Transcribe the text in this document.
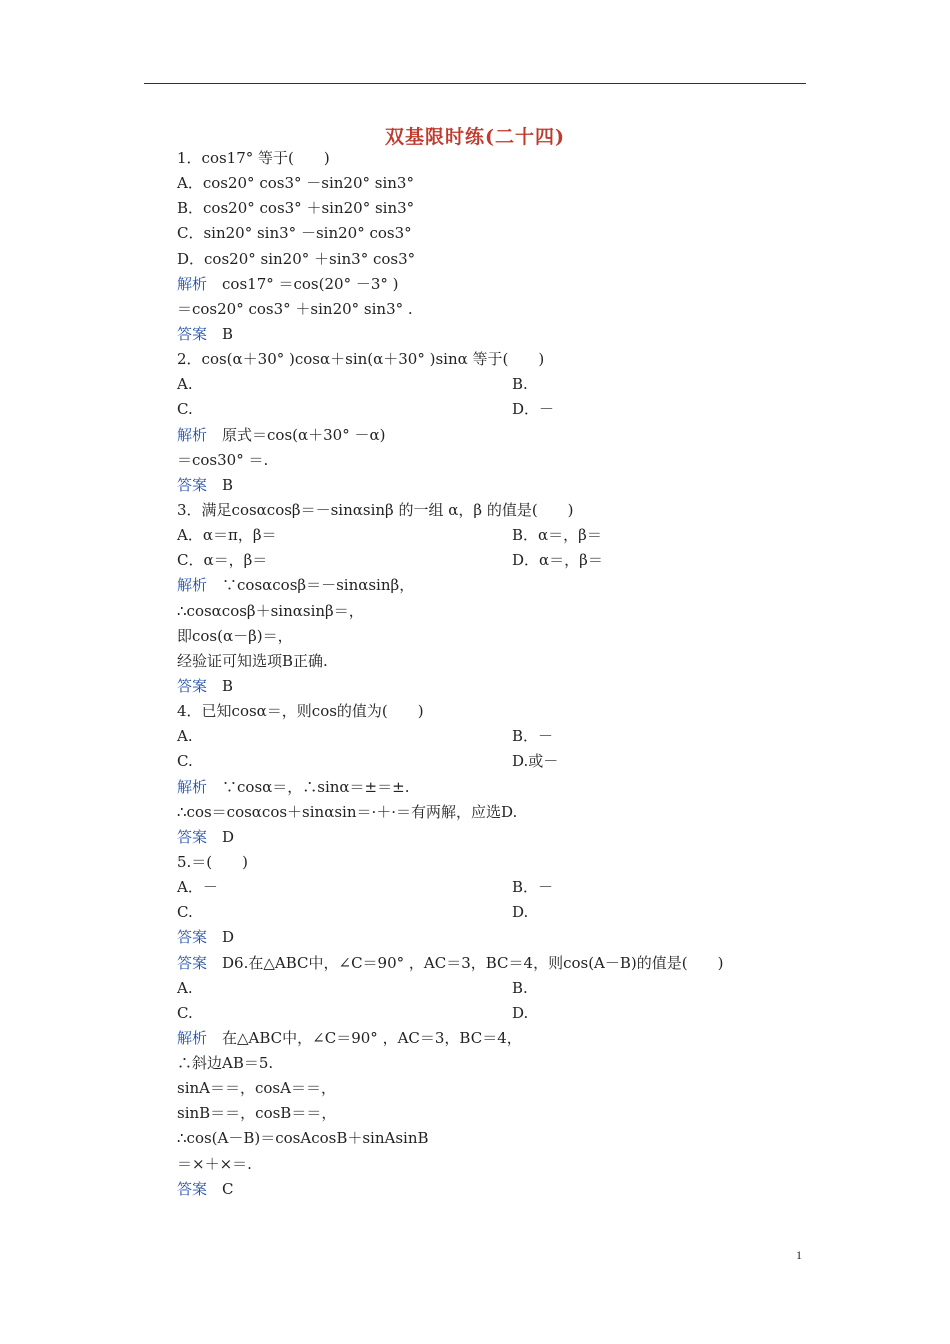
双基限时练(二十四)
1．cos17° 等于(　　)
A．cos20° cos3° －sin20° sin3°
B．cos20° cos3° ＋sin20° sin3°
C．sin20° sin3° －sin20° cos3°
D．cos20° sin20° ＋sin3° cos3°
解析　cos17° ＝cos(20° －3° )
＝cos20° cos3° ＋sin20° sin3° .
答案　B
2．cos(α＋30° )cosα＋sin(α＋30° )sinα 等于(　　)
A.	B.
C.	D．－
解析　原式＝cos(α＋30° －α)
＝cos30° ＝.
答案　B
3．满足cosαcosβ＝－sinαsinβ 的一组 α，β 的值是(　　)
A．α＝π，β＝	B．α＝，β＝
C．α＝，β＝	D．α＝，β＝
解析　∵cosαcosβ＝－sinαsinβ，
∴cosαcosβ＋sinαsinβ＝，
即cos(α－β)＝，
经验证可知选项B正确.
答案　B
4．已知cosα＝，则cos的值为(　　)
A.	B．－
C.	D.或－
解析　∵cosα＝，∴sinα＝±＝±.
∴cos＝cosαcos＋sinαsin＝·＋·＝有两解，应选D.
答案　D
5.＝(　　)
A．－	B．－
C.	D.
答案　D
答案　D6.在△ABC中，∠C＝90° ，AC＝3，BC＝4，则cos(A－B)的值是(　　)
A.	B.
C.	D.
解析　在△ABC中，∠C＝90° ，AC＝3，BC＝4，
∴斜边AB＝5.
sinA＝＝，cosA＝＝，
sinB＝＝，cosB＝＝，
∴cos(A－B)＝cosAcosB＋sinAsinB
＝×＋×＝.
答案　C
1
